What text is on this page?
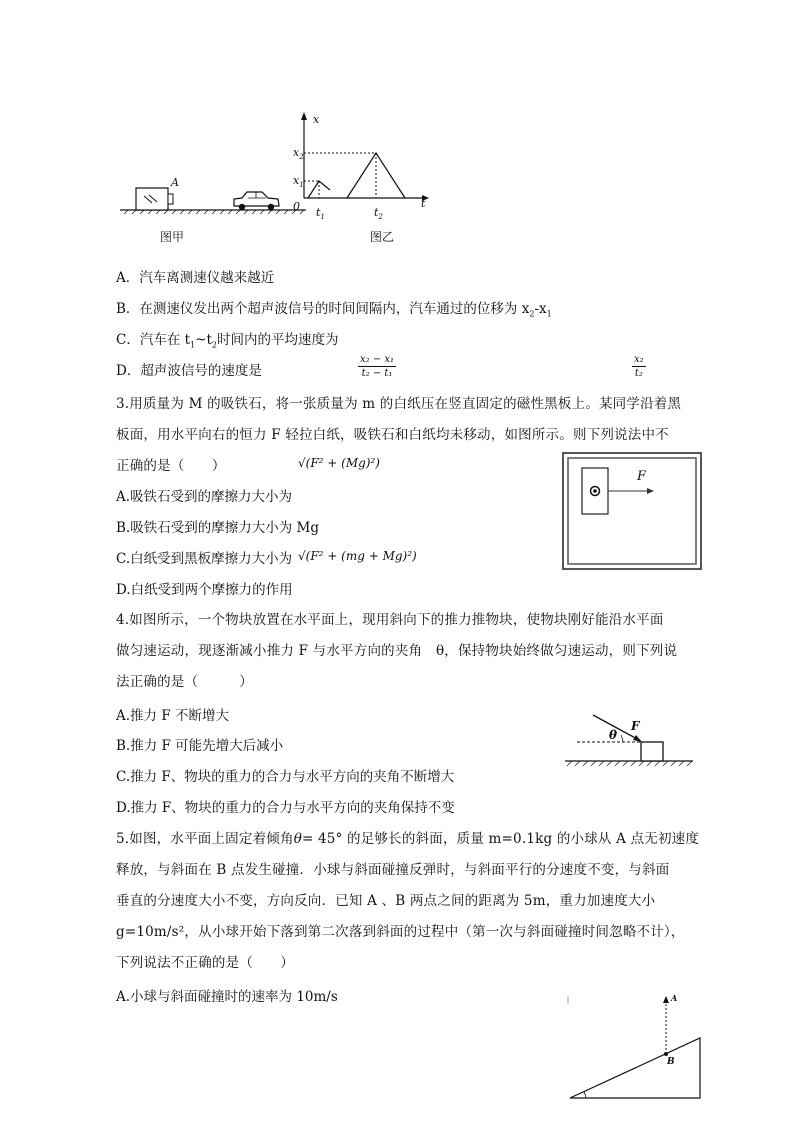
A
图甲
x
t
0
$x_2$
$x_1$
$t_1$	$t_2$
图乙
A．汽车离测速仪越来越近
B．在测速仪发出两个超声波信号的时间间隔内，汽车通过的位移为 $x_2-x_1$
C．汽车在 $t_1\sim t_2$时间内的平均速度为
D．超声波信号的速度是	$\frac{\text{x₂ − x₁}}{\text{t₂ − t₁}}$	$\frac{\text{x₂}}{\text{t₂}}$
3.用质量为 M 的吸铁石，将一张质量为 m 的白纸压在竖直固定的磁性黑板上。某同学沿着黑
板面，用水平向右的恒力 F 轻拉白纸，吸铁石和白纸均未移动，如图所示。则下列说法中不
正确的是（　　）	√(F² + (Mg)²)
A.吸铁石受到的摩擦力大小为
B.吸铁石受到的摩擦力大小为 Mg
C.白纸受到黑板摩擦力大小为 √(F² + (mg + Mg)²)
D.白纸受到两个摩擦力的作用
F
4.如图所示，一个物块放置在水平面上，现用斜向下的推力推物块，使物块刚好能沿水平面
做匀速运动，现逐渐减小推力 F 与水平方向的夹角　θ，保持物块始终做匀速运动，则下列说
法正确的是（　　　）
A.推力 F 不断增大
B.推力 F 可能先增大后减小
C.推力 F、物块的重力的合力与水平方向的夹角不断增大
D.推力 F、物块的重力的合力与水平方向的夹角保持不变
F
θ
5.如图，水平面上固定着倾角θ= 45° 的足够长的斜面，质量 m=0.1kg 的小球从 A 点无初速度
释放，与斜面在 B 点发生碰撞．小球与斜面碰撞反弹时，与斜面平行的分速度不变，与斜面
垂直的分速度大小不变，方向反向．已知 A 、B 两点之间的距离为 5m，重力加速度大小
g=10m/s²，从小球开始下落到第二次落到斜面的过程中（第一次与斜面碰撞时间忽略不计），
下列说法不正确的是（　　）
A.小球与斜面碰撞时的速率为 10m/s	A
B
